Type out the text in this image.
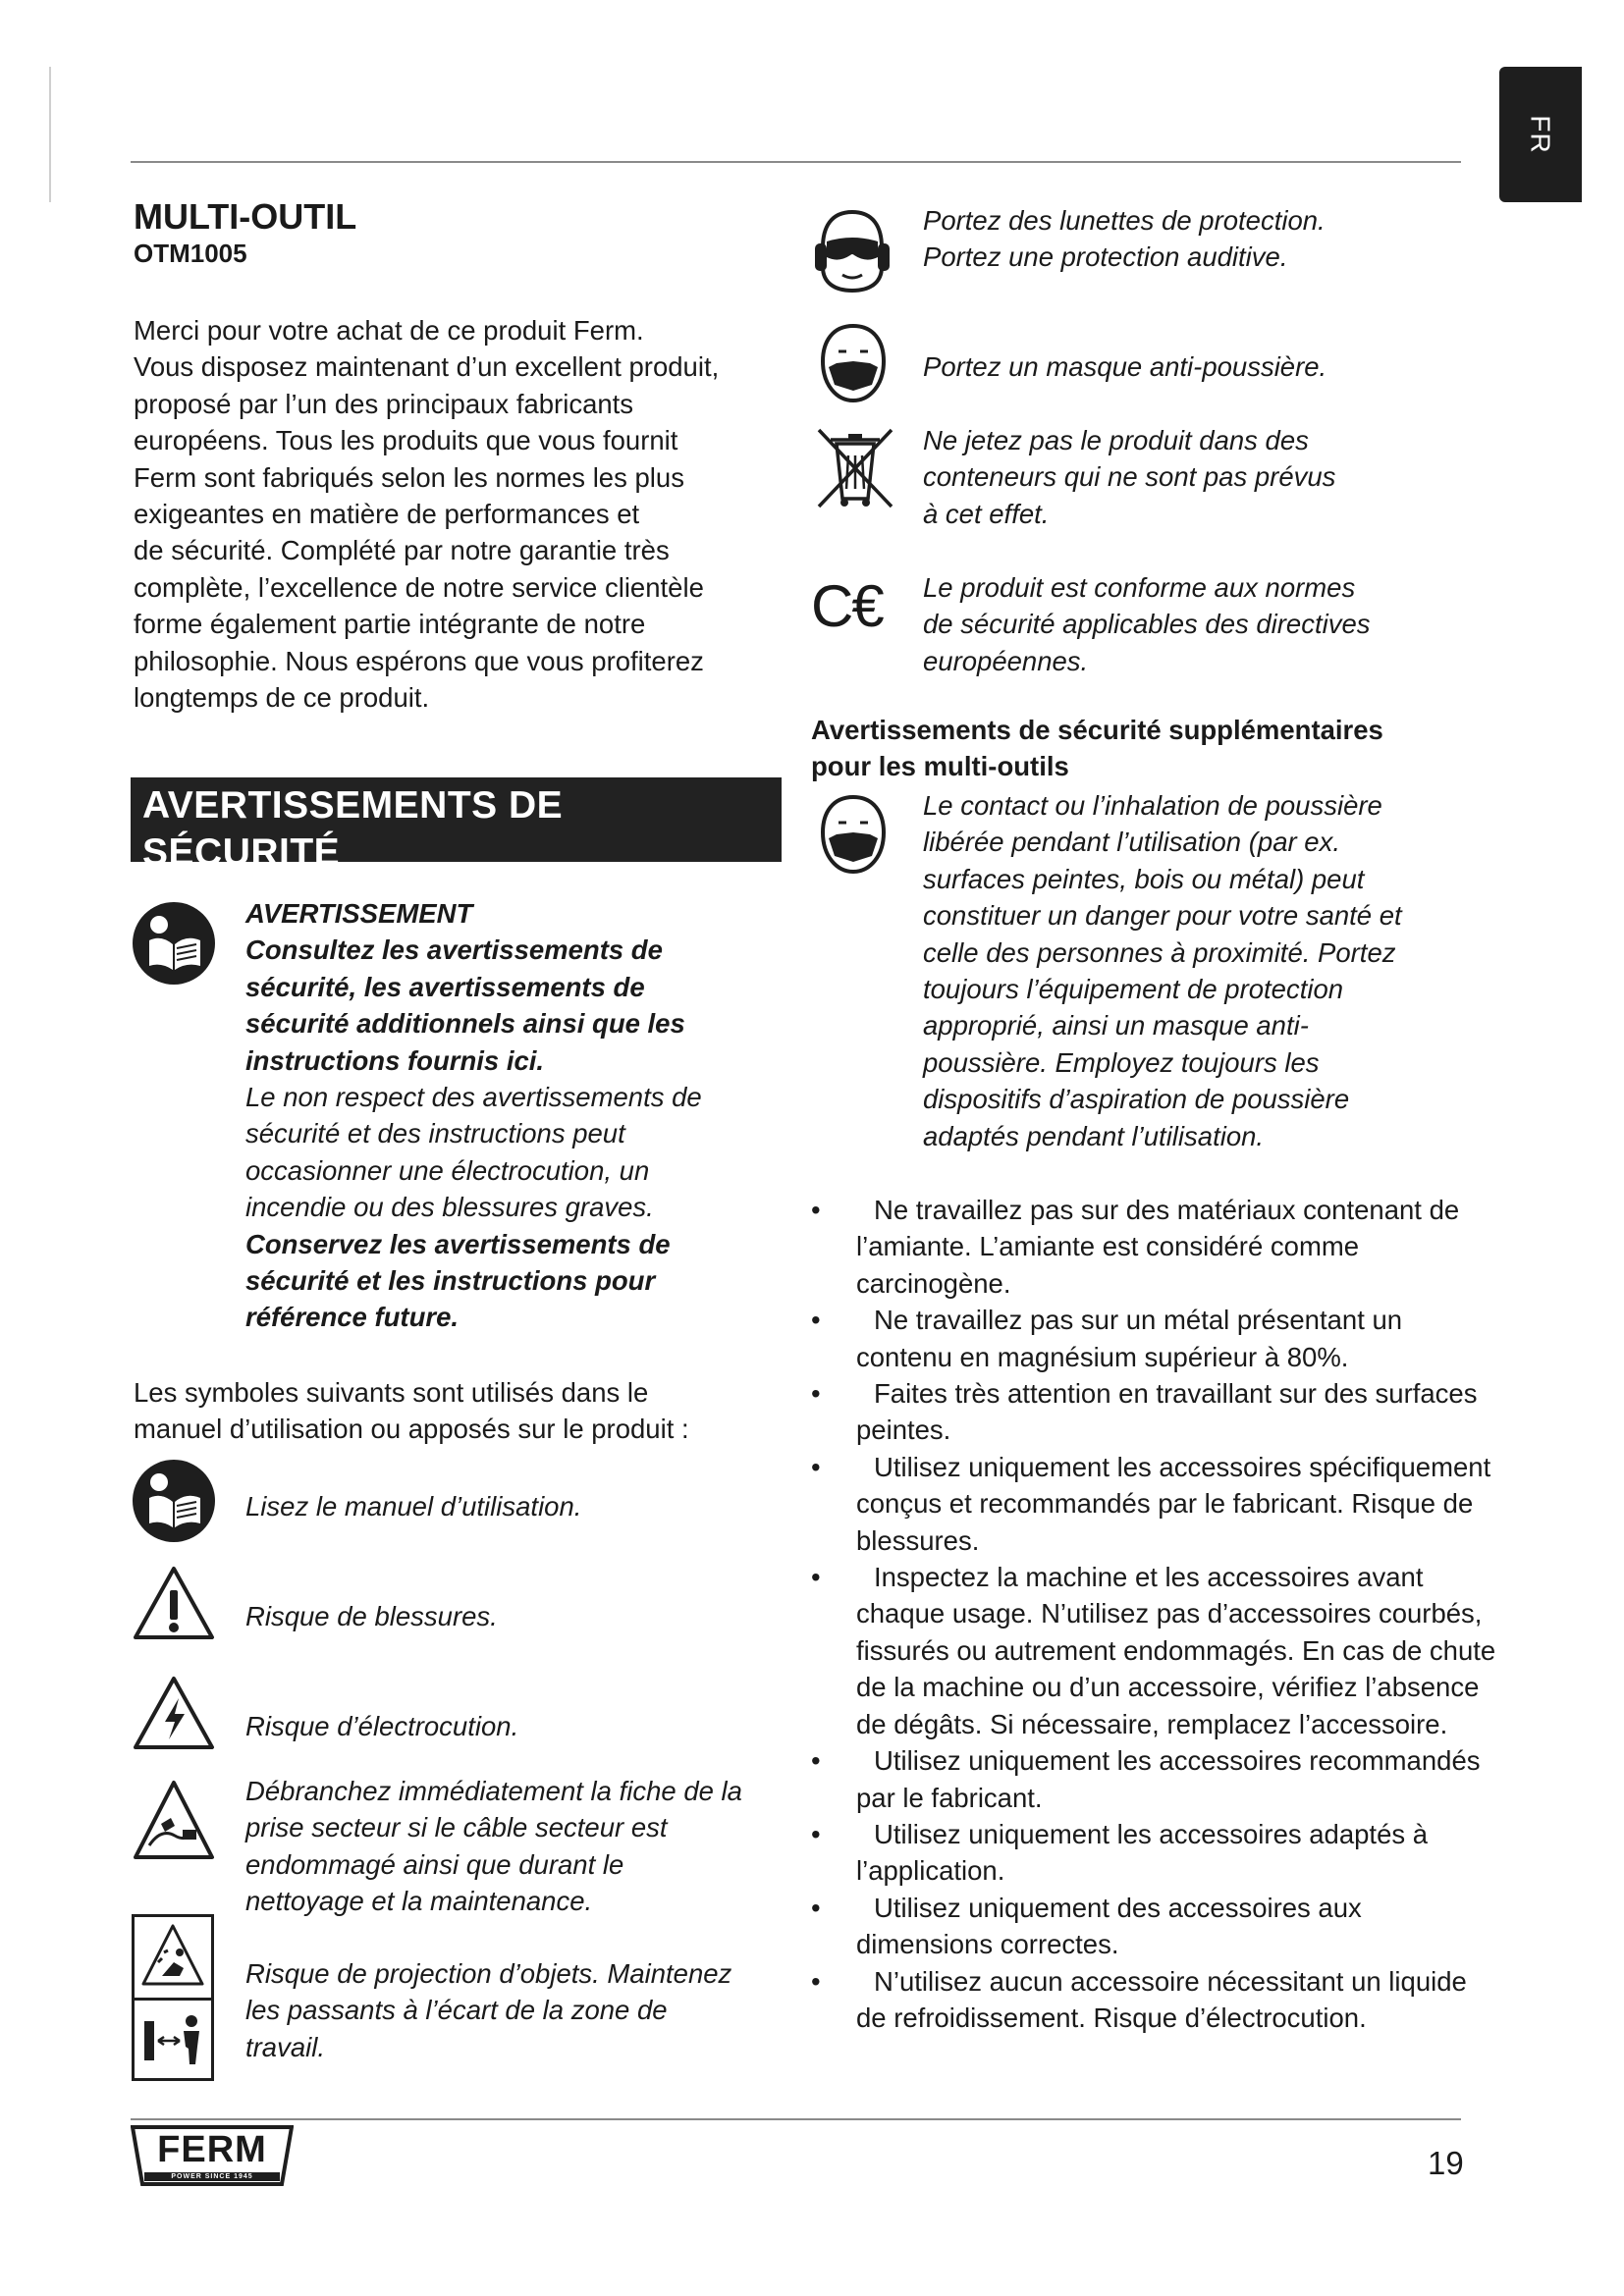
FR
MULTI-OUTIL
OTM1005
Merci pour votre achat de ce produit Ferm.
Vous disposez maintenant d’un excellent produit,
proposé par l’un des principaux fabricants
européens. Tous les produits que vous fournit
Ferm sont fabriqués selon les normes les plus
exigeantes en matière de performances et
de sécurité. Complété par notre garantie très
complète, l’excellence de notre service clientèle
forme également partie intégrante de notre
philosophie. Nous espérons que vous profiterez
longtemps de ce produit.
AVERTISSEMENTS DE
SÉCURITÉ
AVERTISSEMENT
Consultez les avertissements de
sécurité, les avertissements de
sécurité additionnels ainsi que les
instructions fournis ici.
Le non respect des avertissements de
sécurité et des instructions peut
occasionner une électrocution, un
incendie ou des blessures graves.
Conservez les avertissements de
sécurité et les instructions pour
référence future.
Les symboles suivants sont utilisés dans le
manuel d’utilisation ou apposés sur le produit :
Lisez le manuel d’utilisation.
Risque de blessures.
Risque d’électrocution.
Débranchez immédiatement la fiche de la
prise secteur si le câble secteur est
endommagé ainsi que durant le
nettoyage et la maintenance.
Risque de projection d’objets. Maintenez
les passants à l’écart de la zone de
travail.
Portez des lunettes de protection.
Portez une protection auditive.
Portez un masque anti-poussière.
Ne jetez pas le produit dans des
conteneurs qui ne sont pas prévus
à cet effet.
C€ Le produit est conforme aux normes
de sécurité applicables des directives
européennes.
Avertissements de sécurité supplémentaires
pour les multi-outils
Le contact ou l’inhalation de poussière
libérée pendant l’utilisation (par ex.
surfaces peintes, bois ou métal) peut
constituer un danger pour votre santé et
celle des personnes à proximité. Portez
toujours l’équipement de protection
approprié, ainsi un masque anti-
poussière. Employez toujours les
dispositifs d’aspiration de poussière
adaptés pendant l’utilisation.
•	Ne travaillez pas sur des matériaux contenant de l’amiante. L’amiante est considéré comme carcinogène.
•	Ne travaillez pas sur un métal présentant un contenu en magnésium supérieur à 80%.
•	Faites très attention en travaillant sur des surfaces peintes.
•	Utilisez uniquement les accessoires spécifiquement conçus et recommandés par le fabricant. Risque de blessures.
•	Inspectez la machine et les accessoires avant chaque usage. N’utilisez pas d’accessoires courbés, fissurés ou autrement endommagés. En cas de chute de la machine ou d’un accessoire, vérifiez l’absence de dégâts. Si nécessaire, remplacez l’accessoire.
•	Utilisez uniquement les accessoires recommandés par le fabricant.
•	Utilisez uniquement les accessoires adaptés à l’application.
•	Utilisez uniquement des accessoires aux dimensions correctes.
•	N’utilisez aucun accessoire nécessitant un liquide de refroidissement. Risque d’électrocution.
FERM
POWER SINCE 1945	19
